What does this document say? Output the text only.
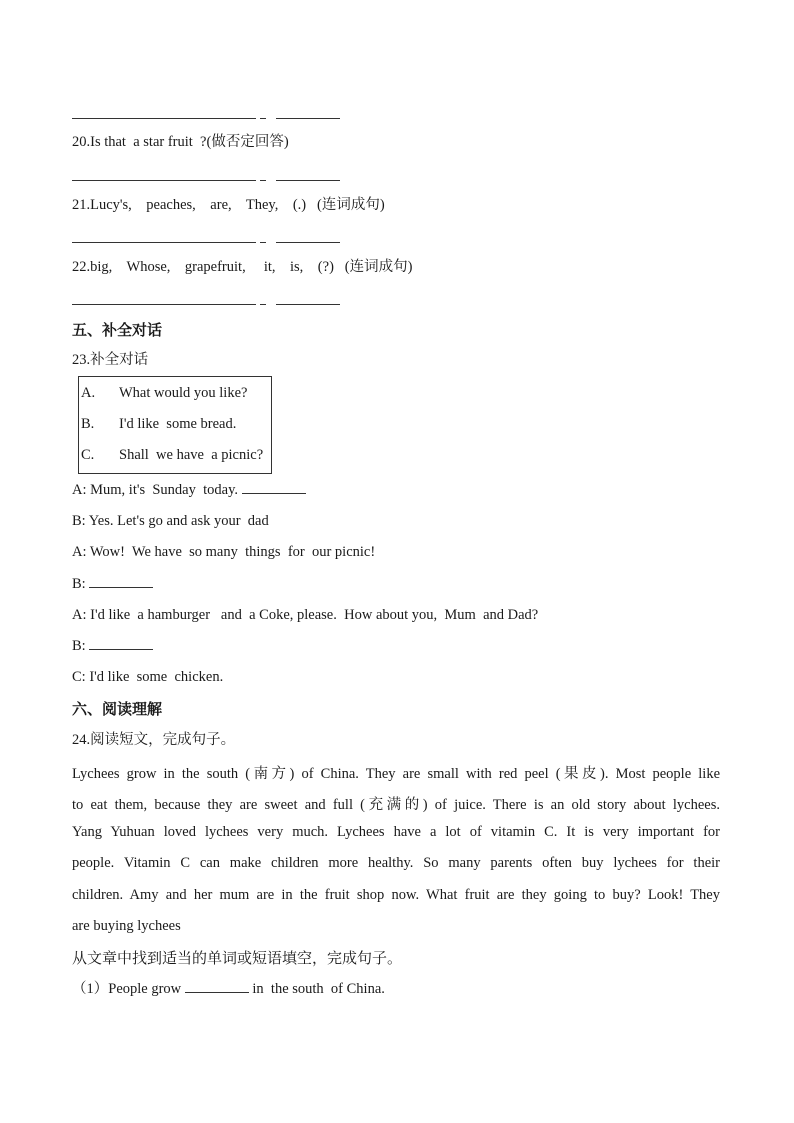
20.Is that  a star fruit  ?(做否定回答)
21.Lucy's,    peaches,    are,    They,    (.)   (连词成句)
22.big,    Whose,    grapefruit,     it,    is,    (?)   (连词成句)
五、补全对话
23.补全对话
A. What would you like?
B. I'd like  some bread.
C. Shall  we have  a picnic?
A: Mum, it's  Sunday  today.
B: Yes. Let's go and ask your  dad
A: Wow!  We have  so many  things  for  our picnic!
B:
A: I'd like  a hamburger   and  a Coke, please.  How about you,  Mum  and Dad?
B:
C: I'd like  some  chicken.
六、阅读理解
24.阅读短文，完成句子。
Lychees grow in the south (南方) of China. They are small with red peel (果皮). Most people like
to eat them, because they are sweet and full (充满的) of juice. There is an old story about lychees.
Yang Yuhuan loved lychees very much. Lychees have a lot of vitamin C. It is very important for
people. Vitamin C can make children more healthy. So many parents often buy lychees for their
children. Amy and her mum are in the fruit shop now. What fruit are they going to buy? Look! They
are buying lychees
从文章中找到适当的单词或短语填空，完成句子。
（1）People grow	in  the south  of China.
